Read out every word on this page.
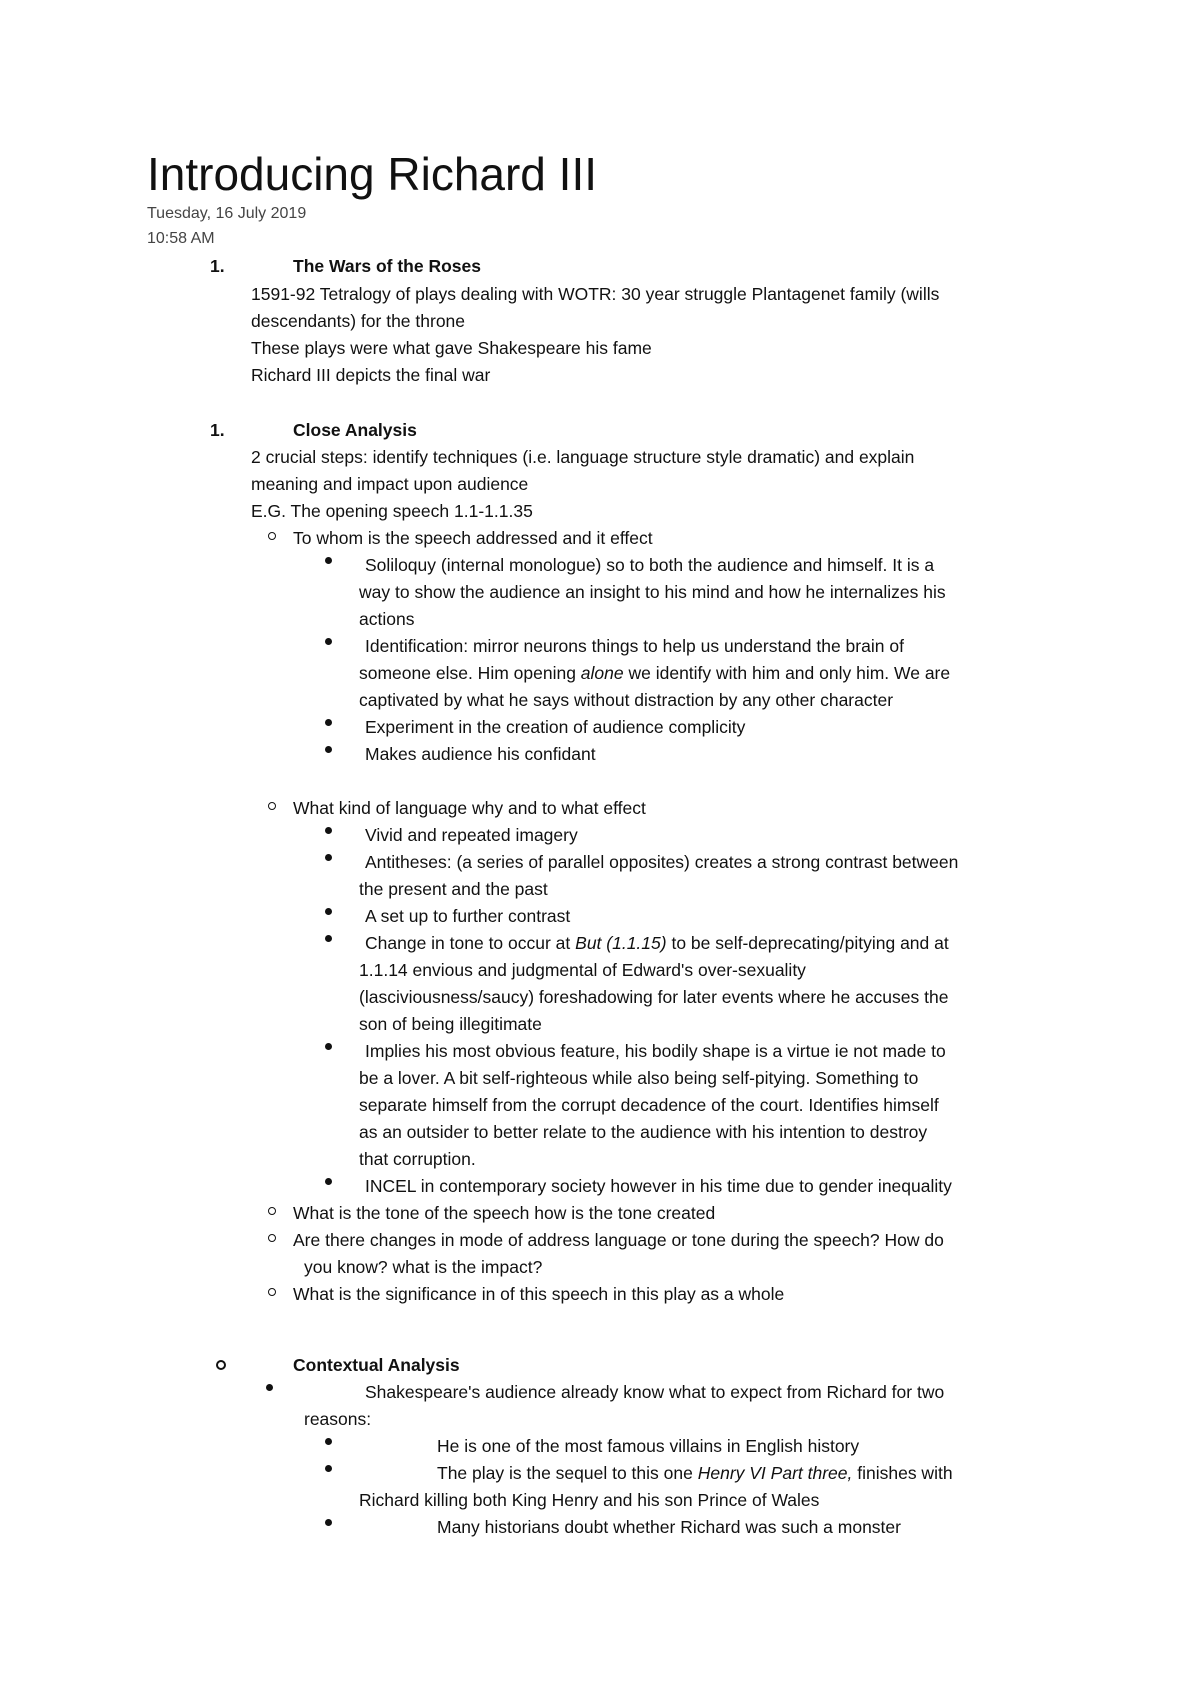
Introducing Richard III
Tuesday, 16 July 2019
10:58 AM
1.	The Wars of the Roses
1591-92 Tetralogy of plays dealing with WOTR: 30 year struggle Plantagenet family (wills
descendants) for the throne
These plays were what gave Shakespeare his fame
Richard III depicts the final war
1.	Close Analysis
2 crucial steps: identify techniques (i.e. language structure style dramatic) and explain
meaning and impact upon audience
E.G. The opening speech 1.1-1.1.35
To whom is the speech addressed and it effect
Soliloquy (internal monologue) so to both the audience and himself. It is a
way to show the audience an insight to his mind and how he internalizes his
actions
Identification: mirror neurons things to help us understand the brain of
someone else. Him opening alone we identify with him and only him. We are
captivated by what he says without distraction by any other character
Experiment in the creation of audience complicity
Makes audience his confidant
What kind of language why and to what effect
Vivid and repeated imagery
Antitheses: (a series of parallel opposites) creates a strong contrast between
the present and the past
A set up to further contrast
Change in tone to occur at But (1.1.15) to be self-deprecating/pitying and at
1.1.14 envious and judgmental of Edward's over-sexuality
(lasciviousness/saucy) foreshadowing for later events where he accuses the
son of being illegitimate
Implies his most obvious feature, his bodily shape is a virtue ie not made to
be a lover. A bit self-righteous while also being self-pitying. Something to
separate himself from the corrupt decadence of the court. Identifies himself
as an outsider to better relate to the audience with his intention to destroy
that corruption.
INCEL in contemporary society however in his time due to gender inequality
What is the tone of the speech how is the tone created
Are there changes in mode of address language or tone during the speech? How do
you know? what is the impact?
What is the significance in of this speech in this play as a whole
Contextual Analysis
Shakespeare's audience already know what to expect from Richard for two
reasons:
He is one of the most famous villains in English history
The play is the sequel to this one Henry VI Part three, finishes with
Richard killing both King Henry and his son Prince of Wales
Many historians doubt whether Richard was such a monster
